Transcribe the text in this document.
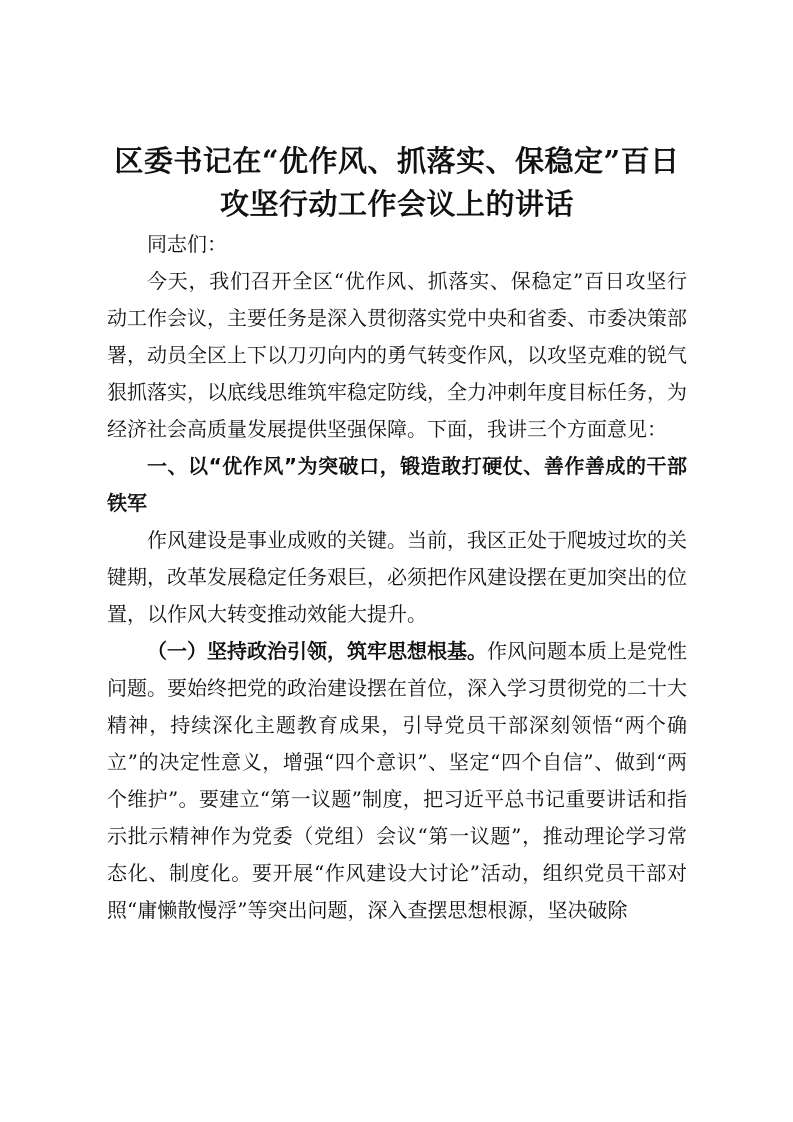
区委书记在“优作风、抓落实、保稳定”百日
攻坚行动工作会议上的讲话

同志们：

今天，我们召开全区“优作风、抓落实、保稳定”百日攻坚行动工作会议，主要任务是深入贯彻落实党中央和省委、市委决策部署，动员全区上下以刀刃向内的勇气转变作风，以攻坚克难的锐气狠抓落实，以底线思维筑牢稳定防线，全力冲刺年度目标任务，为经济社会高质量发展提供坚强保障。下面，我讲三个方面意见：

一、以“优作风”为突破口，锻造敢打硬仗、善作善成的干部铁军

作风建设是事业成败的关键。当前，我区正处于爬坡过坎的关键期，改革发展稳定任务艰巨，必须把作风建设摆在更加突出的位置，以作风大转变推动效能大提升。

（一）坚持政治引领，筑牢思想根基。作风问题本质上是党性问题。要始终把党的政治建设摆在首位，深入学习贯彻党的二十大精神，持续深化主题教育成果，引导党员干部深刻领悟“两个确立”的决定性意义，增强“四个意识”、坚定“四个自信”、做到“两个维护”。要建立“第一议题”制度，把习近平总书记重要讲话和指示批示精神作为党委（党组）会议“第一议题”，推动理论学习常态化、制度化。要开展“作风建设大讨论”活动，组织党员干部对照“庸懒散慢浮”等突出问题，深入查摆思想根源，坚决破除
